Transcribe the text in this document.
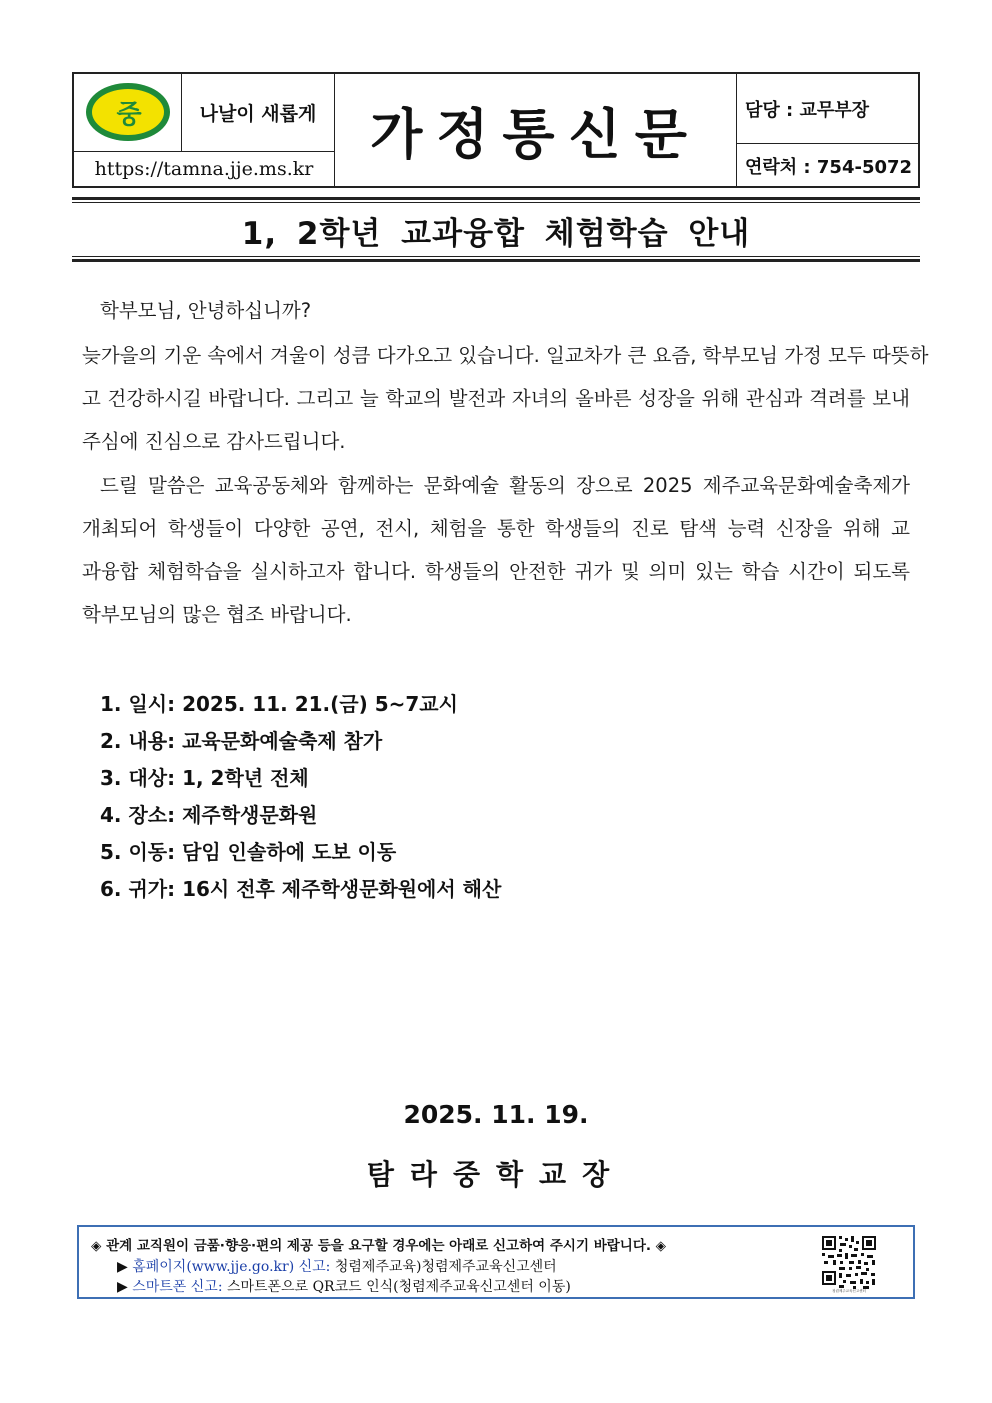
중	나날이 새롭게
https://tamna.jje.ms.kr
가정통신문	담당 : 교무부장
연락처 : 754-5072
1, 2학년 교과융합 체험학습 안내
학부모님, 안녕하십니까?
늦가을의 기운 속에서 겨울이 성큼 다가오고 있습니다. 일교차가 큰 요즘, 학부모님 가정 모두 따뜻하
고 건강하시길 바랍니다. 그리고 늘 학교의 발전과 자녀의 올바른 성장을 위해 관심과 격려를 보내
주심에 진심으로 감사드립니다.
드릴 말씀은 교육공동체와 함께하는 문화예술 활동의 장으로 2025 제주교육문화예술축제가
개최되어 학생들이 다양한 공연, 전시, 체험을 통한 학생들의 진로 탐색 능력 신장을 위해 교
과융합 체험학습을 실시하고자 합니다. 학생들의 안전한 귀가 및 의미 있는 학습 시간이 되도록
학부모님의 많은 협조 바랍니다.
1. 일시: 2025. 11. 21.(금) 5~7교시
2. 내용: 교육문화예술축제 참가
3. 대상: 1, 2학년 전체
4. 장소: 제주학생문화원
5. 이동: 담임 인솔하에 도보 이동
6. 귀가: 16시 전후 제주학생문화원에서 해산
2025. 11. 19.
탐라중학교장
◈ 관계 교직원이 금품·향응·편의 제공 등을 요구할 경우에는 아래로 신고하여 주시기 바랍니다. ◈
▶ 홈페이지(www.jje.go.kr) 신고: 청렴제주교육)청렴제주교육신고센터
▶ 스마트폰 신고: 스마트폰으로 QR코드 인식(청렴제주교육신고센터 이동)	청렴제주교육신고센터
